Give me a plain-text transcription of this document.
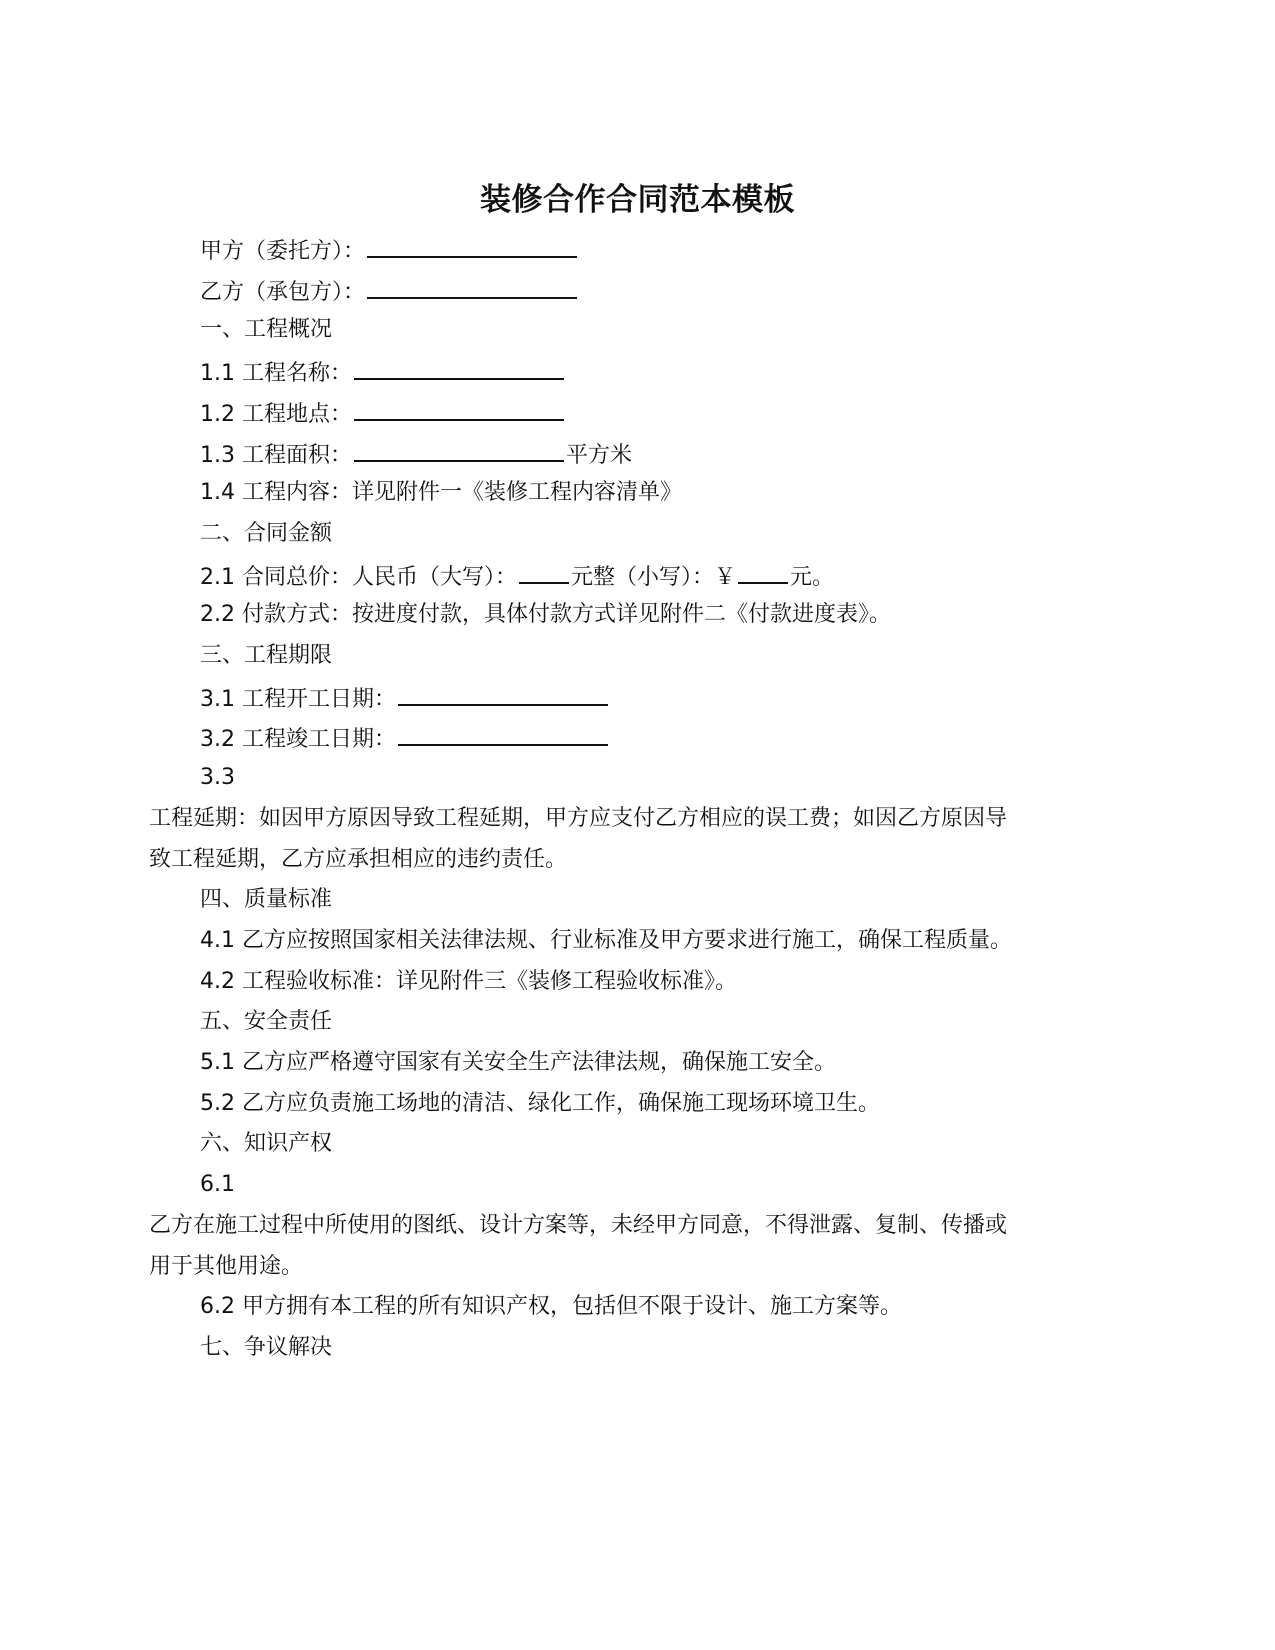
装修合作合同范本模板
甲方（委托方）：
乙方（承包方）：
一、工程概况
1.1 工程名称：
1.2 工程地点：
1.3 工程面积：	平方米
1.4 工程内容：详见附件一《装修工程内容清单》
二、合同金额
2.1 合同总价：人民币（大写）： 元整（小写）：￥ 元。
2.2 付款方式：按进度付款，具体付款方式详见附件二《付款进度表》。
三、工程期限
3.1 工程开工日期：
3.2 工程竣工日期：
3.3
工程延期：如因甲方原因导致工程延期，甲方应支付乙方相应的误工费；如因乙方原因导
致工程延期，乙方应承担相应的违约责任。
四、质量标准
4.1 乙方应按照国家相关法律法规、行业标准及甲方要求进行施工，确保工程质量。
4.2 工程验收标准：详见附件三《装修工程验收标准》。
五、安全责任
5.1 乙方应严格遵守国家有关安全生产法律法规，确保施工安全。
5.2 乙方应负责施工场地的清洁、绿化工作，确保施工现场环境卫生。
六、知识产权
6.1
乙方在施工过程中所使用的图纸、设计方案等，未经甲方同意，不得泄露、复制、传播或
用于其他用途。
6.2 甲方拥有本工程的所有知识产权，包括但不限于设计、施工方案等。
七、争议解决
